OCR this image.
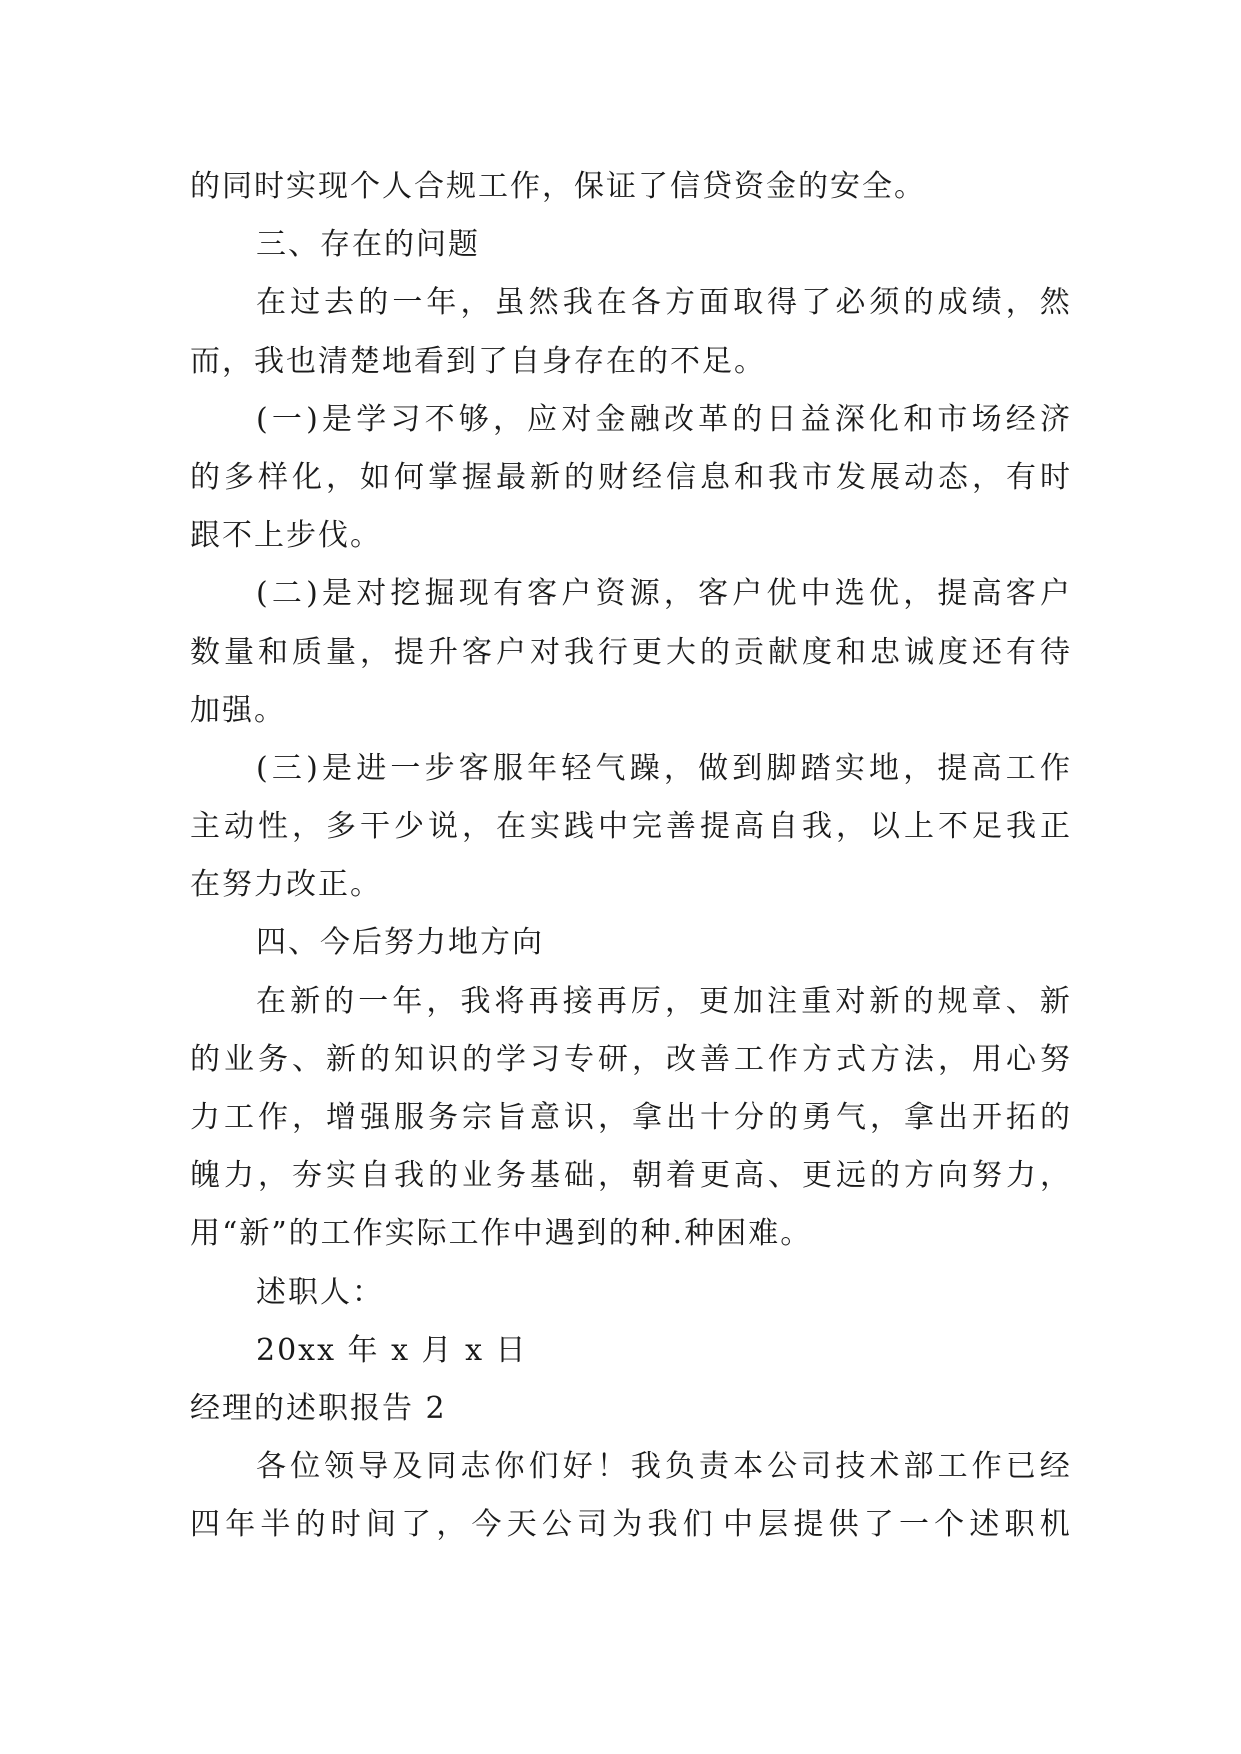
的同时实现个人合规工作，保证了信贷资金的安全。
三、存在的问题
在 过 去 的 一 年 ， 虽 然 我 在 各 方 面 取 得 了 必 须 的 成 绩 ， 然
而，我也清楚地看到了自身存在的不足。
( 一 ) 是 学 习 不 够 ， 应 对 金 融 改 革 的 日 益 深 化 和 市 场 经 济
的 多 样 化 ， 如 何 掌 握 最 新 的 财 经 信 息 和 我 市 发 展 动 态 ， 有 时
跟不上步伐。
( 二 ) 是 对 挖 掘 现 有 客 户 资 源 ， 客 户 优 中 选 优 ， 提 高 客 户
数 量 和 质 量 ， 提 升 客 户 对 我 行 更 大 的 贡 献 度 和 忠 诚 度 还 有 待
加强。
( 三 ) 是 进 一 步 客 服 年 轻 气 躁 ， 做 到 脚 踏 实 地 ， 提 高 工 作
主 动 性 ， 多 干 少 说 ， 在 实 践 中 完 善 提 高 自 我 ， 以 上 不 足 我 正
在努力改正。
四、今后努力地方向
在 新 的 一 年 ， 我 将 再 接 再 厉 ， 更 加 注 重 对 新 的 规 章 、 新
的 业 务 、 新 的 知 识 的 学 习 专 研 ， 改 善 工 作 方 式 方 法 ， 用 心 努
力 工 作 ， 增 强 服 务 宗 旨 意 识 ， 拿 出 十 分 的 勇 气 ， 拿 出 开 拓 的
魄 力 ， 夯 实 自 我 的 业 务 基 础 ， 朝 着 更 高 、 更 远 的 方 向 努 力 ，
用“新”的工作实际工作中遇到的种.种困难。
述职人：
20xx 年 x 月 x 日
经理的述职报告 2
各 位 领 导 及 同 志 你 们 好 ！ 我 负 责 本 公 司 技 术 部 工 作 已 经
四 年 半 的 时 间 了 ， 今 天 公 司 为 我 们 中 层 提 供 了 一 个 述 职 机
